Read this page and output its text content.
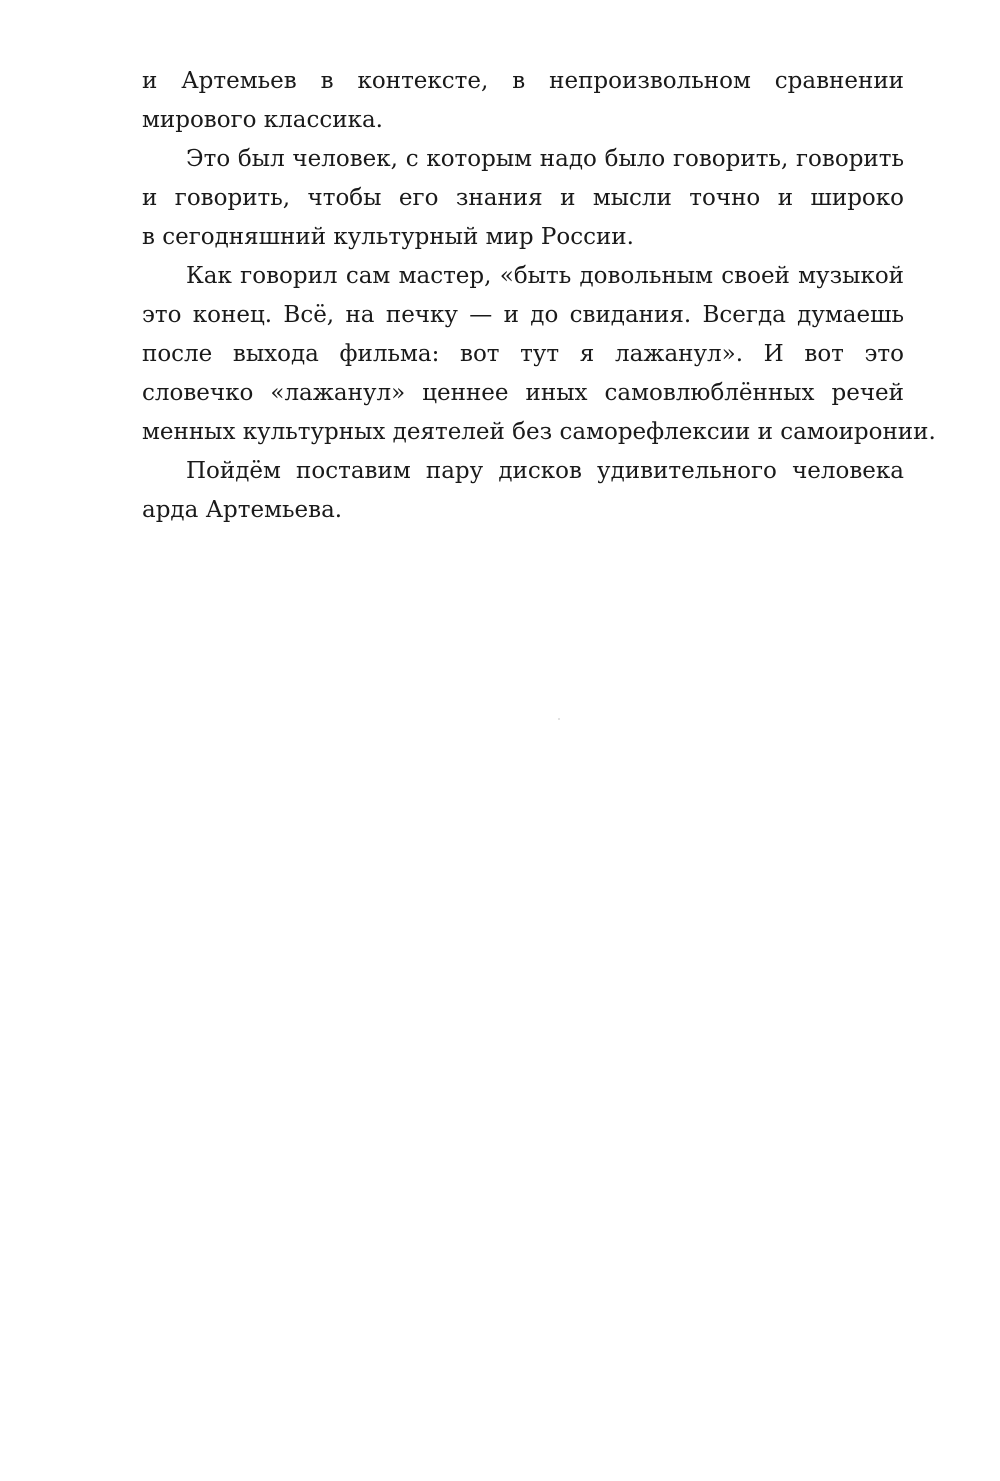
и Артемьев в контексте, в непроизвольном сравнении
мирового классика.
Это был человек, с которым надо было говорить, говорить
и говорить, чтобы его знания и мысли точно и широко
в сегодняшний культурный мир России.
Как говорил сам мастер, «быть довольным своей музыкой
это конец. Всё, на печку — и до свидания. Всегда думаешь
после выхода фильма: вот тут я лажанул». И вот это
словечко «лажанул» ценнее иных самовлюблённых речей
менных культурных деятелей без саморефлексии и самоиронии.
Пойдём поставим пару дисков удивительного человека
арда Артемьева.
